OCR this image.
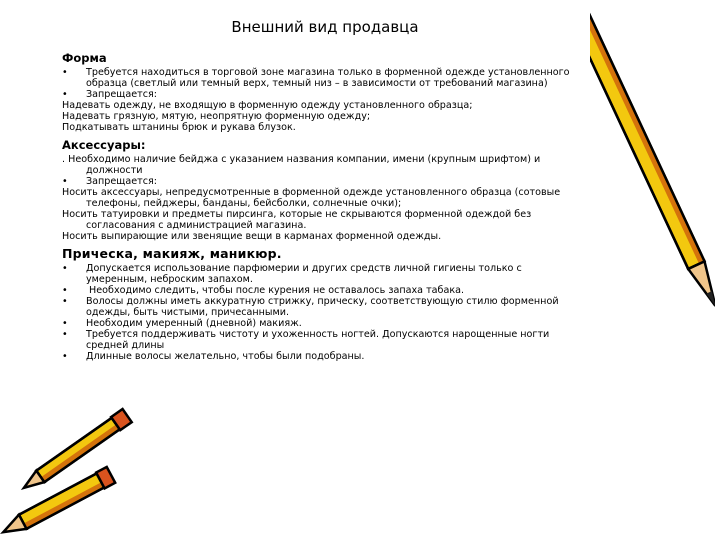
Внешний вид продавца
Форма
• Требуется находиться в торговой зоне магазина только в форменной одежде установленного
образца (светлый или темный верх, темный низ – в зависимости от требований магазина)
• Запрещается:
Надевать одежду, не входящую в форменную одежду установленного образца;
Надевать грязную, мятую, неопрятную форменную одежду;
Подкатывать штанины брюк и рукава блузок.
Аксессуары:
. Необходимо наличие бейджа с указанием названия компании, имени (крупным шрифтом) и
должности
• Запрещается:
Носить аксессуары, непредусмотренные в форменной одежде установленного образца (сотовые
телефоны, пейджеры, банданы, бейсболки, солнечные очки);
Носить татуировки и предметы пирсинга, которые не скрываются форменной одеждой без
согласования с администрацией магазина.
Носить выпирающие или звенящие вещи в карманах форменной одежды.
Прическа, макияж, маникюр.
• Допускается использование парфюмерии и других средств личной гигиены только с
умеренным, неброским запахом.
• Необходимо следить, чтобы после курения не оставалось запаха табака.
• Волосы должны иметь аккуратную стрижку, прическу, соответствующую стилю форменной
одежды, быть чистыми, причесанными.
• Необходим умеренный (дневной) макияж.
• Требуется поддерживать чистоту и ухоженность ногтей. Допускаются нарощенные ногти
средней длины
• Длинные волосы желательно, чтобы были подобраны.
